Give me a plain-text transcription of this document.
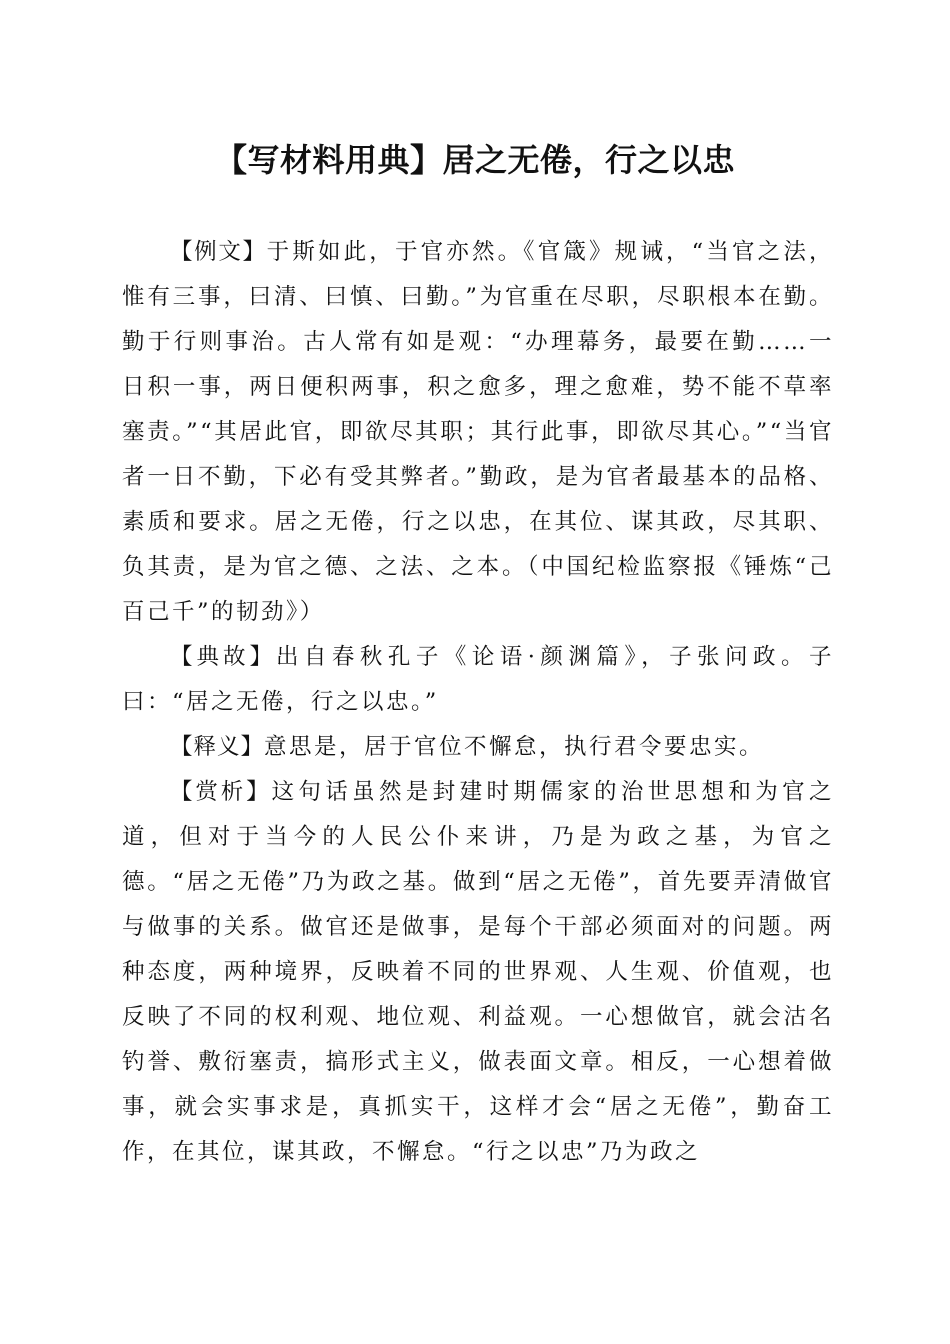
【写材料用典】居之无倦，行之以忠

【例文】于斯如此，于官亦然。《官箴》规诫，“当官之法，惟有三事，曰清、曰慎、曰勤。”为官重在尽职，尽职根本在勤。勤于行则事治。古人常有如是观：“办理幕务，最要在勤……一日积一事，两日便积两事，积之愈多，理之愈难，势不能不草率塞责。”“其居此官，即欲尽其职；其行此事，即欲尽其心。”“当官者一日不勤，下必有受其弊者。”勤政，是为官者最基本的品格、素质和要求。居之无倦，行之以忠，在其位、谋其政，尽其职、负其责，是为官之德、之法、之本。（中国纪检监察报《锤炼“己百己千”的韧劲》）

【典故】出自春秋孔子《论语·颜渊篇》，子张问政。子曰：“居之无倦，行之以忠。”

【释义】意思是，居于官位不懈怠，执行君令要忠实。

【赏析】这句话虽然是封建时期儒家的治世思想和为官之道，但对于当今的人民公仆来讲，乃是为政之基，为官之德。“居之无倦”乃为政之基。做到“居之无倦”，首先要弄清做官与做事的关系。做官还是做事，是每个干部必须面对的问题。两种态度，两种境界，反映着不同的世界观、人生观、价值观，也反映了不同的权利观、地位观、利益观。一心想做官，就会沽名钓誉、敷衍塞责，搞形式主义，做表面文章。相反，一心想着做事，就会实事求是，真抓实干，这样才会“居之无倦”，勤奋工作，在其位，谋其政，不懈怠。“行之以忠”乃为政之
